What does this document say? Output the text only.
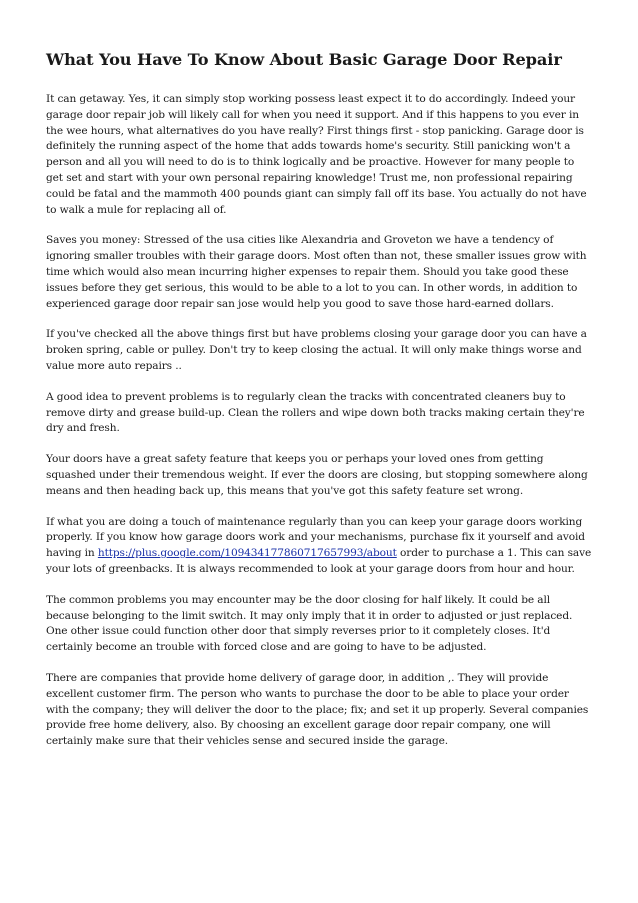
What You Have To Know About Basic Garage Door Repair

It can getaway. Yes, it can simply stop working possess least expect it to do accordingly. Indeed your garage door repair job will likely call for when you need it support. And if this happens to you ever in the wee hours, what alternatives do you have really? First things first - stop panicking. Garage door is definitely the running aspect of the home that adds towards home's security. Still panicking won't a person and all you will need to do is to think logically and be proactive. However for many people to get set and start with your own personal repairing knowledge! Trust me, non professional repairing could be fatal and the mammoth 400 pounds giant can simply fall off its base. You actually do not have to walk a mule for replacing all of.

Saves you money: Stressed of the usa cities like Alexandria and Groveton we have a tendency of ignoring smaller troubles with their garage doors. Most often than not, these smaller issues grow with time which would also mean incurring higher expenses to repair them. Should you take good these issues before they get serious, this would to be able to a lot to you can. In other words, in addition to experienced garage door repair san jose would help you good to save those hard-earned dollars.

If you've checked all the above things first but have problems closing your garage door you can have a broken spring, cable or pulley. Don't try to keep closing the actual. It will only make things worse and value more auto repairs ..

A good idea to prevent problems is to regularly clean the tracks with concentrated cleaners buy to remove dirty and grease build-up. Clean the rollers and wipe down both tracks making certain they're dry and fresh.

Your doors have a great safety feature that keeps you or perhaps your loved ones from getting squashed under their tremendous weight. If ever the doors are closing, but stopping somewhere along means and then heading back up, this means that you've got this safety feature set wrong.

If what you are doing a touch of maintenance regularly than you can keep your garage doors working properly. If you know how garage doors work and your mechanisms, purchase fix it yourself and avoid having in https://plus.google.com/109434177860717657993/about order to purchase a 1. This can save your lots of greenbacks. It is always recommended to look at your garage doors from hour and hour.

The common problems you may encounter may be the door closing for half likely. It could be all because belonging to the limit switch. It may only imply that it in order to adjusted or just replaced. One other issue could function other door that simply reverses prior to it completely closes. It'd certainly become an trouble with forced close and are going to have to be adjusted.

There are companies that provide home delivery of garage door, in addition ,. They will provide excellent customer firm. The person who wants to purchase the door to be able to place your order with the company; they will deliver the door to the place; fix; and set it up properly. Several companies provide free home delivery, also. By choosing an excellent garage door repair company, one will certainly make sure that their vehicles sense and secured inside the garage.
